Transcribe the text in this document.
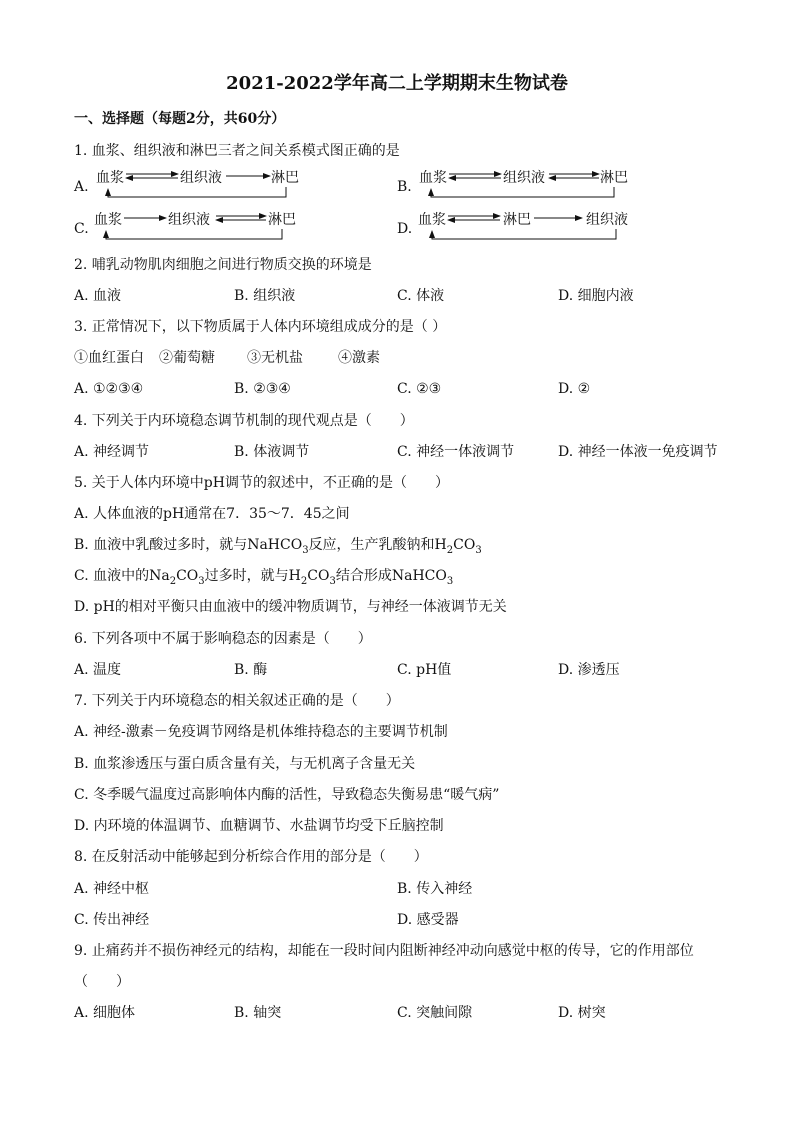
2021-2022学年高二上学期期末生物试卷
一、选择题（每题2分，共60分）
1. 血浆、组织液和淋巴三者之间关系模式图正确的是
A.
血浆	组织液	淋巴
B.
血浆	组织液	淋巴
C.
血浆	组织液	淋巴
D.
血浆	淋巴	组织液
2. 哺乳动物肌肉细胞之间进行物质交换的环境是
A. 血液	B. 组织液	C. 体液	D. 细胞内液
3. 正常情况下，以下物质属于人体内环境组成成分的是（ ）
①血红蛋白 ②葡萄糖 ③无机盐	④激素
A. ①②③④	B. ②③④	C. ②③	D. ②
4. 下列关于内环境稳态调节机制的现代观点是（　　）
A. 神经调节	B. 体液调节	C. 神经一体液调节	D. 神经一体液一免疫调节
5. 关于人体内环境中pH调节的叙述中，不正确的是（　　）
A. 人体血液的pH通常在7．35～7．45之间
B. 血液中乳酸过多时，就与NaHCO$_3$反应，生产乳酸钠和$H_2CO_3$
C. 血液中的$Na_2CO_3$过多时，就与$H_2CO_3$结合形成NaHCO$_3$
D. pH的相对平衡只由血液中的缓冲物质调节，与神经一体液调节无关
6. 下列各项中不属于影响稳态的因素是（　　）
A. 温度	B. 酶	C. pH值	D. 渗透压
7. 下列关于内环境稳态的相关叙述正确的是（　　）
A. 神经-激素－免疫调节网络是机体维持稳态的主要调节机制
B. 血浆渗透压与蛋白质含量有关，与无机离子含量无关
C. 冬季暖气温度过高影响体内酶的活性，导致稳态失衡易患“暖气病”
D. 内环境的体温调节、血糖调节、水盐调节均受下丘脑控制
8. 在反射活动中能够起到分析综合作用的部分是（　　）
A. 神经中枢	B. 传入神经
C. 传出神经	D. 感受器
9. 止痛药并不损伤神经元的结构，却能在一段时间内阻断神经冲动向感觉中枢的传导，它的作用部位
（　　）
A. 细胞体	B. 轴突	C. 突触间隙	D. 树突
